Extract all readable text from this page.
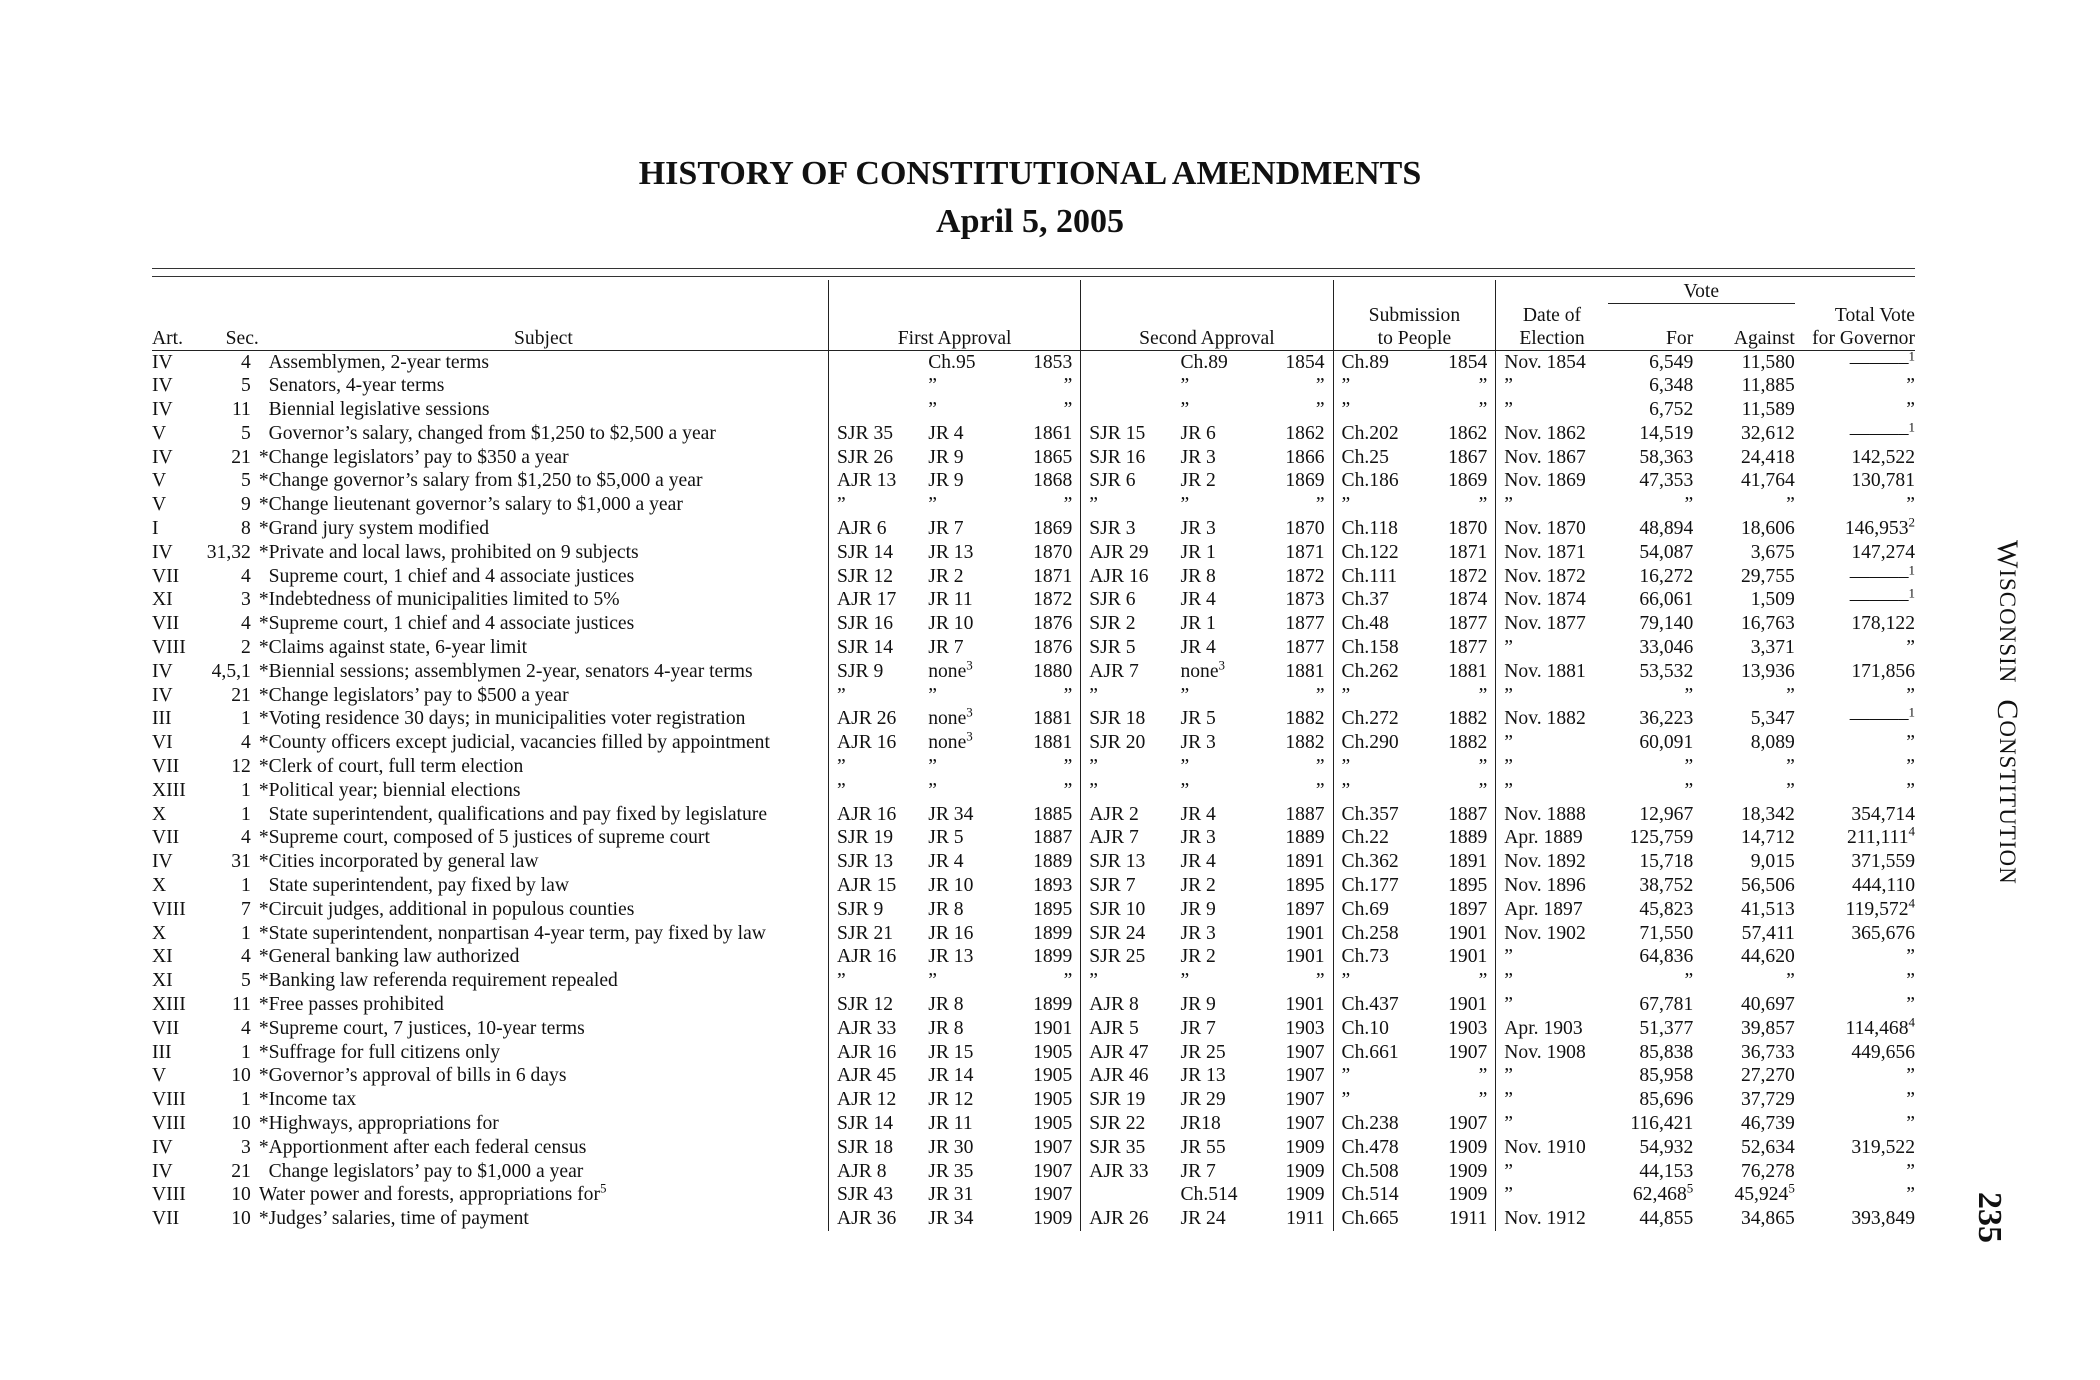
HISTORY OF CONSTITUTIONAL AMENDMENTS
April 5, 2005
												Vote		
									Submission		Date of			Total Vote
Art.	Sec.	Subject	First Approval			Second Approval			to People		Election	For	Against	for Governor
IV	4	 Assemblymen, 2-year terms		Ch.95	1853		Ch.89	1854	Ch.89	1854	Nov. 1854	6,549	11,580	––––––$^1$
IV	5	 Senators, 4-year terms		”	”		”	”	”	”	”	6,348	11,885	”
IV	11	 Biennial legislative sessions		”	”		”	”	”	”	”	6,752	11,589	”
V	5	 Governor’s salary, changed from $1,250 to $2,500 a year	SJR 35	JR 4	1861	SJR 15	JR 6	1862	Ch.202	1862	Nov. 1862	14,519	32,612	––––––$^1$
IV	21	*Change legislators’ pay to $350 a year	SJR 26	JR 9	1865	SJR 16	JR 3	1866	Ch.25	1867	Nov. 1867	58,363	24,418	142,522
V	5	*Change governor’s salary from $1,250 to $5,000 a year	AJR 13	JR 9	1868	SJR 6	JR 2	1869	Ch.186	1869	Nov. 1869	47,353	41,764	130,781
V	9	*Change lieutenant governor’s salary to $1,000 a year	”	”	”	”	”	”	”	”	”	”	”	”
I	8	*Grand jury system modified	AJR 6	JR 7	1869	SJR 3	JR 3	1870	Ch.118	1870	Nov. 1870	48,894	18,606	146,953$^2$
IV	31,32	*Private and local laws, prohibited on 9 subjects	SJR 14	JR 13	1870	AJR 29	JR 1	1871	Ch.122	1871	Nov. 1871	54,087	3,675	147,274
VII	4	 Supreme court, 1 chief and 4 associate justices	SJR 12	JR 2	1871	AJR 16	JR 8	1872	Ch.111	1872	Nov. 1872	16,272	29,755	––––––$^1$
XI	3	*Indebtedness of municipalities limited to 5%	AJR 17	JR 11	1872	SJR 6	JR 4	1873	Ch.37	1874	Nov. 1874	66,061	1,509	––––––$^1$
VII	4	*Supreme court, 1 chief and 4 associate justices	SJR 16	JR 10	1876	SJR 2	JR 1	1877	Ch.48	1877	Nov. 1877	79,140	16,763	178,122
VIII	2	*Claims against state, 6-year limit	SJR 14	JR 7	1876	SJR 5	JR 4	1877	Ch.158	1877	”	33,046	3,371	”
IV	4,5,1	*Biennial sessions; assemblymen 2-year, senators 4-year terms	SJR 9	none$^3$	1880	AJR 7	none$^3$	1881	Ch.262	1881	Nov. 1881	53,532	13,936	171,856
IV	21	*Change legislators’ pay to $500 a year	”	”	”	”	”	”	”	”	”	”	”	”
III	1	*Voting residence 30 days; in municipalities voter registration	AJR 26	none$^3$	1881	SJR 18	JR 5	1882	Ch.272	1882	Nov. 1882	36,223	5,347	––––––$^1$
VI	4	*County officers except judicial, vacancies filled by appointment	AJR 16	none$^3$	1881	SJR 20	JR 3	1882	Ch.290	1882	”	60,091	8,089	”
VII	12	*Clerk of court, full term election	”	”	”	”	”	”	”	”	”	”	”	”
XIII	1	*Political year; biennial elections	”	”	”	”	”	”	”	”	”	”	”	”
X	1	 State superintendent, qualifications and pay fixed by legislature	AJR 16	JR 34	1885	AJR 2	JR 4	1887	Ch.357	1887	Nov. 1888	12,967	18,342	354,714
VII	4	*Supreme court, composed of 5 justices of supreme court	SJR 19	JR 5	1887	AJR 7	JR 3	1889	Ch.22	1889	Apr. 1889	125,759	14,712	211,111$^4$
IV	31	*Cities incorporated by general law	SJR 13	JR 4	1889	SJR 13	JR 4	1891	Ch.362	1891	Nov. 1892	15,718	9,015	371,559
X	1	 State superintendent, pay fixed by law	AJR 15	JR 10	1893	SJR 7	JR 2	1895	Ch.177	1895	Nov. 1896	38,752	56,506	444,110
VIII	7	*Circuit judges, additional in populous counties	SJR 9	JR 8	1895	SJR 10	JR 9	1897	Ch.69	1897	Apr. 1897	45,823	41,513	119,572$^4$
X	1	*State superintendent, nonpartisan 4-year term, pay fixed by law	SJR 21	JR 16	1899	SJR 24	JR 3	1901	Ch.258	1901	Nov. 1902	71,550	57,411	365,676
XI	4	*General banking law authorized	AJR 16	JR 13	1899	SJR 25	JR 2	1901	Ch.73	1901	”	64,836	44,620	”
XI	5	*Banking law referenda requirement repealed	”	”	”	”	”	”	”	”	”	”	”	”
XIII	11	*Free passes prohibited	SJR 12	JR 8	1899	AJR 8	JR 9	1901	Ch.437	1901	”	67,781	40,697	”
VII	4	*Supreme court, 7 justices, 10-year terms	AJR 33	JR 8	1901	AJR 5	JR 7	1903	Ch.10	1903	Apr. 1903	51,377	39,857	114,468$^4$
III	1	*Suffrage for full citizens only	AJR 16	JR 15	1905	AJR 47	JR 25	1907	Ch.661	1907	Nov. 1908	85,838	36,733	449,656
V	10	*Governor’s approval of bills in 6 days	AJR 45	JR 14	1905	AJR 46	JR 13	1907	”	”	”	85,958	27,270	”
VIII	1	*Income tax	AJR 12	JR 12	1905	SJR 19	JR 29	1907	”	”	”	85,696	37,729	”
VIII	10	*Highways, appropriations for	SJR 14	JR 11	1905	SJR 22	JR18	1907	Ch.238	1907	”	116,421	46,739	”
IV	3	*Apportionment after each federal census	SJR 18	JR 30	1907	SJR 35	JR 55	1909	Ch.478	1909	Nov. 1910	54,932	52,634	319,522
IV	21	 Change legislators’ pay to $1,000 a year	AJR 8	JR 35	1907	AJR 33	JR 7	1909	Ch.508	1909	”	44,153	76,278	”
VIII	10	Water power and forests, appropriations for$^5$	SJR 43	JR 31	1907		Ch.514	1909	Ch.514	1909	”	62,468$^5$	45,924$^5$	”
VII	10	*Judges’ salaries, time of payment	AJR 36	JR 34	1909	AJR 26	JR 24	1911	Ch.665	1911	Nov. 1912	44,855	34,865	393,849
WISCONSIN CONSTITUTION
235
